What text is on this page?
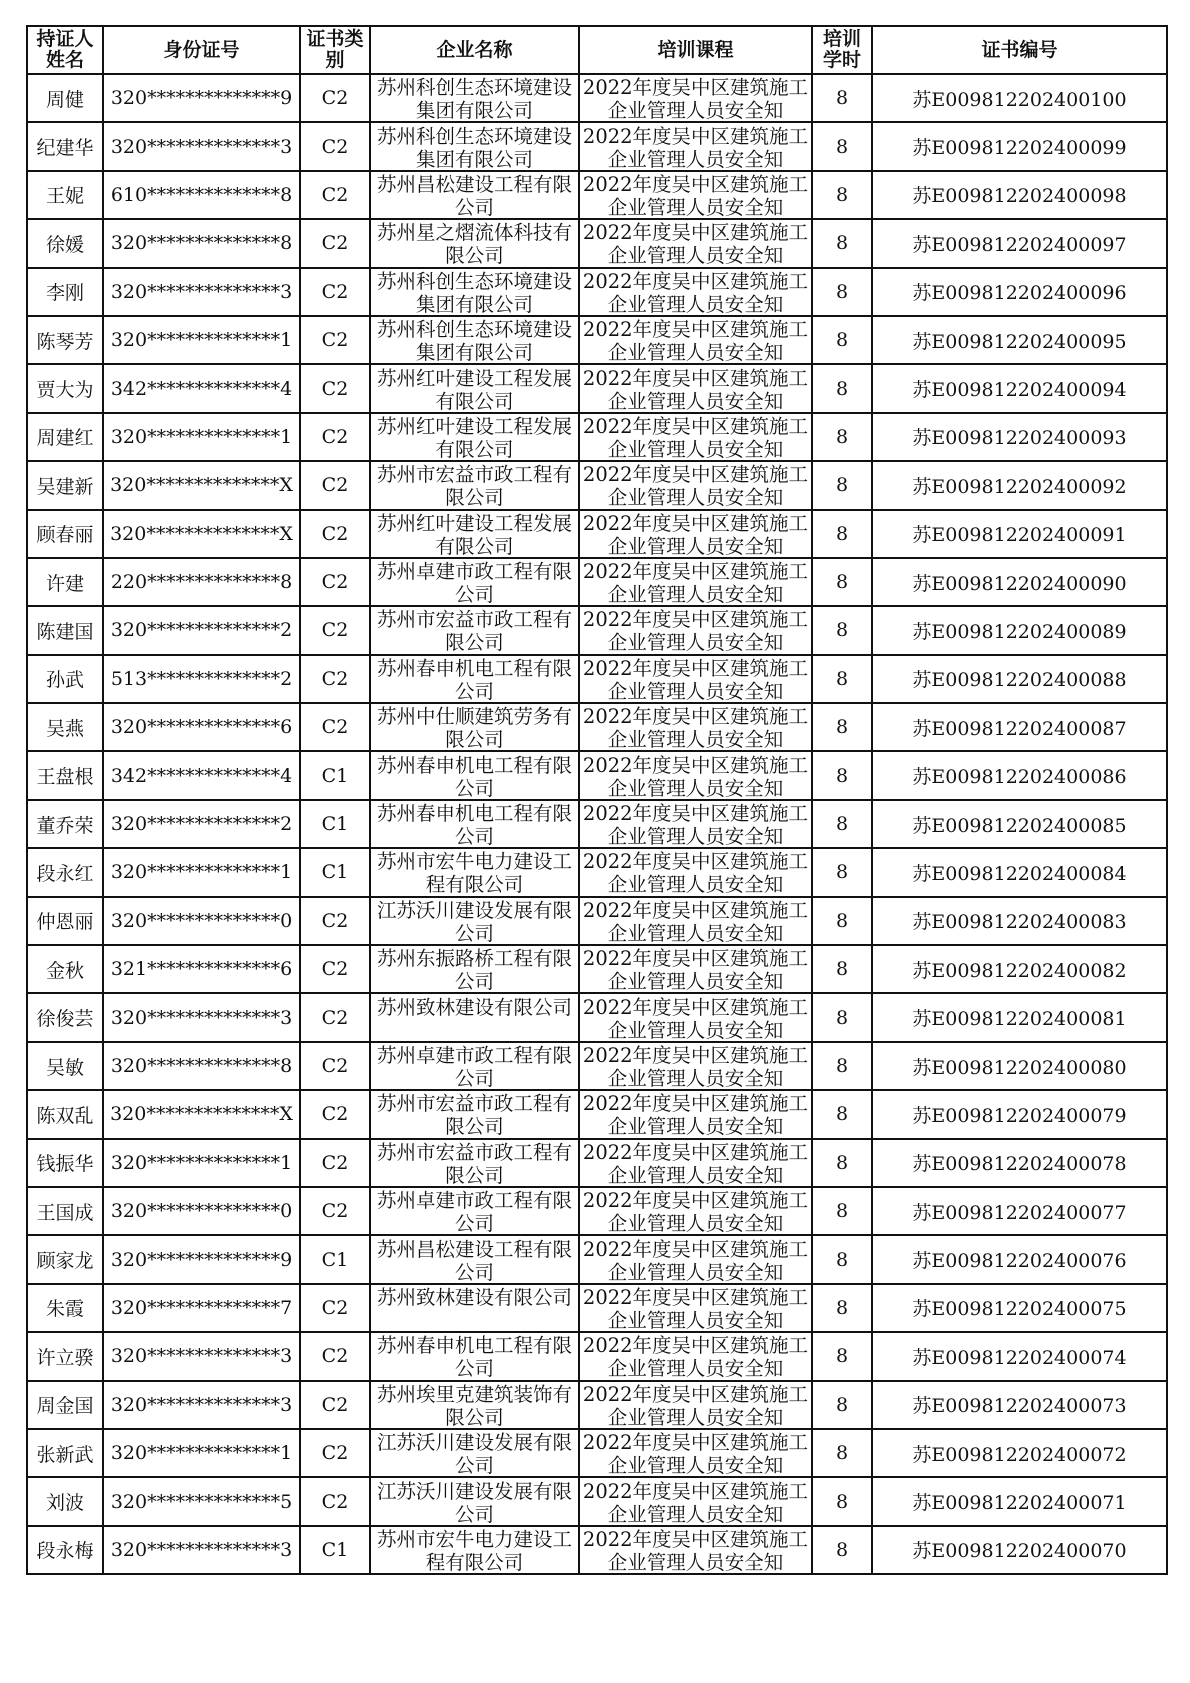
持证人姓名	身份证号	证书类别	企业名称	培训课程	培训学时	证书编号
周健	320**************9	C2	苏州科创生态环境建设集团有限公司	2022年度吴中区建筑施工企业管理人员安全知	8	苏E009812202400100
纪建华	320**************3	C2	苏州科创生态环境建设集团有限公司	2022年度吴中区建筑施工企业管理人员安全知	8	苏E009812202400099
王妮	610**************8	C2	苏州昌松建设工程有限公司	2022年度吴中区建筑施工企业管理人员安全知	8	苏E009812202400098
徐媛	320**************8	C2	苏州星之熠流体科技有限公司	2022年度吴中区建筑施工企业管理人员安全知	8	苏E009812202400097
李刚	320**************3	C2	苏州科创生态环境建设集团有限公司	2022年度吴中区建筑施工企业管理人员安全知	8	苏E009812202400096
陈琴芳	320**************1	C2	苏州科创生态环境建设集团有限公司	2022年度吴中区建筑施工企业管理人员安全知	8	苏E009812202400095
贾大为	342**************4	C2	苏州红叶建设工程发展有限公司	2022年度吴中区建筑施工企业管理人员安全知	8	苏E009812202400094
周建红	320**************1	C2	苏州红叶建设工程发展有限公司	2022年度吴中区建筑施工企业管理人员安全知	8	苏E009812202400093
吴建新	320**************X	C2	苏州市宏益市政工程有限公司	2022年度吴中区建筑施工企业管理人员安全知	8	苏E009812202400092
顾春丽	320**************X	C2	苏州红叶建设工程发展有限公司	2022年度吴中区建筑施工企业管理人员安全知	8	苏E009812202400091
许建	220**************8	C2	苏州卓建市政工程有限公司	2022年度吴中区建筑施工企业管理人员安全知	8	苏E009812202400090
陈建国	320**************2	C2	苏州市宏益市政工程有限公司	2022年度吴中区建筑施工企业管理人员安全知	8	苏E009812202400089
孙武	513**************2	C2	苏州春申机电工程有限公司	2022年度吴中区建筑施工企业管理人员安全知	8	苏E009812202400088
吴燕	320**************6	C2	苏州中仕顺建筑劳务有限公司	2022年度吴中区建筑施工企业管理人员安全知	8	苏E009812202400087
王盘根	342**************4	C1	苏州春申机电工程有限公司	2022年度吴中区建筑施工企业管理人员安全知	8	苏E009812202400086
董乔荣	320**************2	C1	苏州春申机电工程有限公司	2022年度吴中区建筑施工企业管理人员安全知	8	苏E009812202400085
段永红	320**************1	C1	苏州市宏牛电力建设工程有限公司	2022年度吴中区建筑施工企业管理人员安全知	8	苏E009812202400084
仲恩丽	320**************0	C2	江苏沃川建设发展有限公司	2022年度吴中区建筑施工企业管理人员安全知	8	苏E009812202400083
金秋	321**************6	C2	苏州东振路桥工程有限公司	2022年度吴中区建筑施工企业管理人员安全知	8	苏E009812202400082
徐俊芸	320**************3	C2	苏州致林建设有限公司	2022年度吴中区建筑施工企业管理人员安全知	8	苏E009812202400081
吴敏	320**************8	C2	苏州卓建市政工程有限公司	2022年度吴中区建筑施工企业管理人员安全知	8	苏E009812202400080
陈双乱	320**************X	C2	苏州市宏益市政工程有限公司	2022年度吴中区建筑施工企业管理人员安全知	8	苏E009812202400079
钱振华	320**************1	C2	苏州市宏益市政工程有限公司	2022年度吴中区建筑施工企业管理人员安全知	8	苏E009812202400078
王国成	320**************0	C2	苏州卓建市政工程有限公司	2022年度吴中区建筑施工企业管理人员安全知	8	苏E009812202400077
顾家龙	320**************9	C1	苏州昌松建设工程有限公司	2022年度吴中区建筑施工企业管理人员安全知	8	苏E009812202400076
朱霞	320**************7	C2	苏州致林建设有限公司	2022年度吴中区建筑施工企业管理人员安全知	8	苏E009812202400075
许立骙	320**************3	C2	苏州春申机电工程有限公司	2022年度吴中区建筑施工企业管理人员安全知	8	苏E009812202400074
周金国	320**************3	C2	苏州埃里克建筑装饰有限公司	2022年度吴中区建筑施工企业管理人员安全知	8	苏E009812202400073
张新武	320**************1	C2	江苏沃川建设发展有限公司	2022年度吴中区建筑施工企业管理人员安全知	8	苏E009812202400072
刘波	320**************5	C2	江苏沃川建设发展有限公司	2022年度吴中区建筑施工企业管理人员安全知	8	苏E009812202400071
段永梅	320**************3	C1	苏州市宏牛电力建设工程有限公司	2022年度吴中区建筑施工企业管理人员安全知	8	苏E009812202400070
